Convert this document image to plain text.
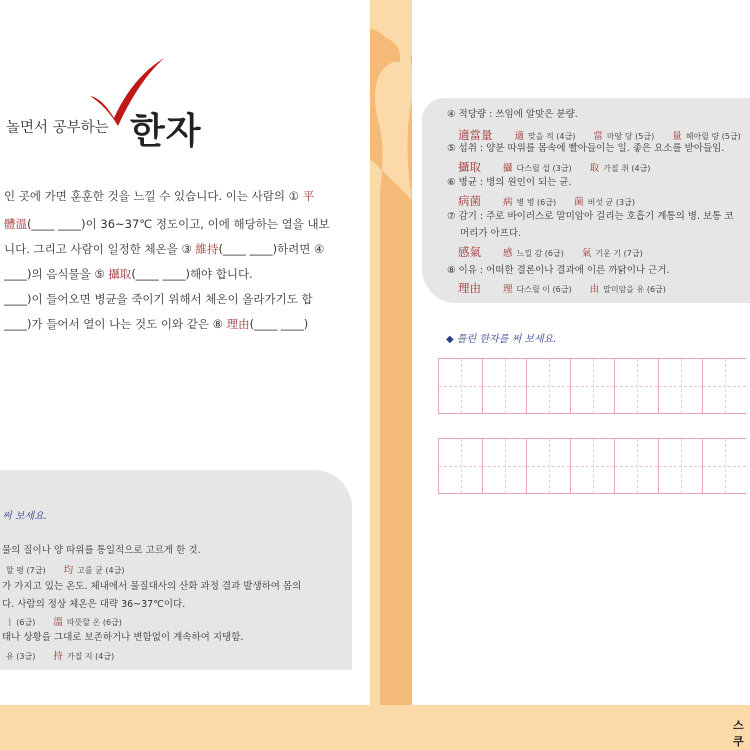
놀면서 공부하는 한자
인 곳에 가면 훈훈한 것을 느낄 수 있습니다. 이는 사람의 ① 平
體溫(____ ____)이 36~37℃ 정도이고, 이에 해당하는 열을 내보
니다. 그리고 사람이 일정한 체온을 ③ 維持(____ ____)하려면 ④
____)의 음식물을 ⑤ 攝取(____ ____)해야 합니다.
____)이 들어오면 병균을 죽이기 위해서 체온이 올라가기도 합
____)가 들어서 열이 나는 것도 이와 같은 ⑧ 理由(____ ____)
써 보세요.
물의 질이나 양 따위를 통일적으로 고르게 한 것.
할 평 (7급) 均 고를 균 (4급)
가 가지고 있는 온도. 체내에서 물질대사의 산화 과정 결과 발생하여 몸의
다. 사람의 정상 체온은 대략 36~37℃이다.
ㅣ (6급) 溫 따뜻할 온 (6급)
태나 상황을 그대로 보존하거나 변함없이 계속하여 지탱함.
유 (3급) 持 가질 지 (4급)
④ 적당량 : 쓰임에 알맞은 분량.
適當量 適 맞을 적 (4급) 當 마땅 당 (5급) 量 헤아릴 량 (5급)
⑤ 섭취 : 양분 따위를 몸속에 빨아들이는 일. 좋은 요소를 받아들임.
攝取 攝 다스릴 섭 (3급) 取 가질 취 (4급)
⑥ 병균 : 병의 원인이 되는 균.
病菌 病 병 병 (6급) 菌 버섯 균 (3급)
⑦ 감기 : 주로 바이러스로 말미암아 걸리는 호흡기 계통의 병. 보통 코
머리가 아프다.
感氣 感 느낄 감 (6급) 氣 기운 기 (7급)
⑧ 이유 : 어떠한 결론이나 결과에 이른 까닭이나 근거.
理由 理 다스릴 이 (6급) 由 말미암을 유 (6급)
◆ 틀린 한자를 써 보세요.
스쿠
